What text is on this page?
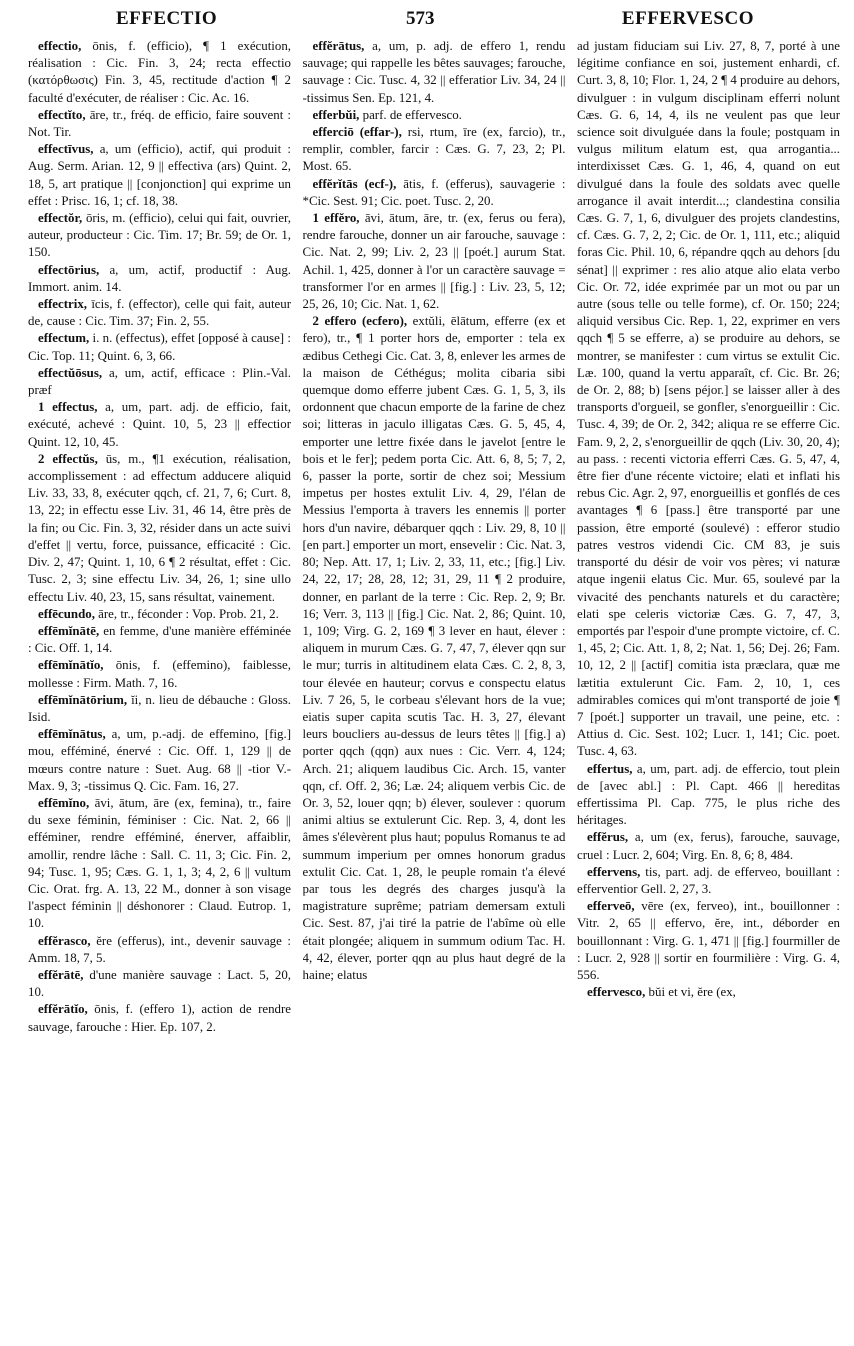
EFFECTIO	573	EFFERVESCO

effectio, ōnis, f. (efficio), ¶ 1 exécution, réalisation : Cic. Fin. 3, 24; recta effectio (κατόρθωσις) Fin. 3, 45, rectitude d'action ¶ 2 faculté d'exécuter, de réaliser : Cic. Ac. 16.

effectĭto, āre, tr., fréq. de efficio, faire souvent : Not. Tir.

effectīvus, a, um (efficio), actif, qui produit : Aug. Serm. Arian. 12, 9 || effectiva (ars) Quint. 2, 18, 5, art pratique || [conjonction] qui exprime un effet : Prisc. 16, 1; cf. 18, 38.

effectŏr, ōris, m. (efficio), celui qui fait, ouvrier, auteur, producteur : Cic. Tim. 17; Br. 59; de Or. 1, 150.

effectōrius, a, um, actif, productif : Aug. Immort. anim. 14.

effectrix, īcis, f. (effector), celle qui fait, auteur de, cause : Cic. Tim. 37; Fin. 2, 55.

effectum, i. n. (effectus), effet [opposé à cause] : Cic. Top. 11; Quint. 6, 3, 66.

effectŭōsus, a, um, actif, efficace : Plin.-Val. præf

1 effectus, a, um, part. adj. de efficio, fait, exécuté, achevé : Quint. 10, 5, 23 || effectior Quint. 12, 10, 45.

2 effectŭs, ūs, m., ¶1 exécution, réalisation, accomplissement : ad effectum adducere aliquid Liv. 33, 33, 8, exécuter qqch, cf. 21, 7, 6; Curt. 8, 13, 22; in effectu esse Liv. 31, 46 14, être près de la fin; ou Cic. Fin. 3, 32, résider dans un acte suivi d'effet || vertu, force, puissance, efficacité : Cic. Div. 2, 47; Quint. 1, 10, 6 ¶ 2 résultat, effet : Cic. Tusc. 2, 3; sine effectu Liv. 34, 26, 1; sine ullo effectu Liv. 40, 23, 15, sans résultat, vainement.

effēcundo, āre, tr., féconder : Vop. Prob. 21, 2.

effēmĭnātē, en femme, d'une manière efféminée : Cic. Off. 1, 14.

effēmĭnātĭo, ōnis, f. (effemino), faiblesse, mollesse : Firm. Math. 7, 16.

effēmĭnātōrium, ĭi, n. lieu de débauche : Gloss. Isid.

effēmĭnātus, a, um, p.-adj. de effemino, [fig.] mou, efféminé, énervé : Cic. Off. 1, 129 || de mœurs contre nature : Suet. Aug. 68 || -tior V.-Max. 9, 3; -tissimus Q. Cic. Fam. 16, 27.

effēmĭno, āvi, ātum, āre (ex, femina), tr., faire du sexe féminin, féminiser : Cic. Nat. 2, 66 || efféminer, rendre efféminé, énerver, affaiblir, amollir, rendre lâche : Sall. C. 11, 3; Cic. Fin. 2, 94; Tusc. 1, 95; Cæs. G. 1, 1, 3; 4, 2, 6 || vultum Cic. Orat. frg. A. 13, 22 M., donner à son visage l'aspect féminin || déshonorer : Claud. Eutrop. 1, 10.

effĕrasco, ĕre (efferus), int., devenir sauvage : Amm. 18, 7, 5.

effĕrātē, d'une manière sauvage : Lact. 5, 20, 10.

effĕrātĭo, ōnis, f. (effero 1), action de rendre sauvage, farouche : Hier. Ep. 107, 2.

effĕrātus, a, um, p. adj. de effero 1, rendu sauvage; qui rappelle les bêtes sauvages; farouche, sauvage : Cic. Tusc. 4, 32 || efferatior Liv. 34, 24 || -tissimus Sen. Ep. 121, 4.

efferbŭi, parf. de effervesco.

efferciō (effar-), rsi, rtum, īre (ex, farcio), tr., remplir, combler, farcir : Cæs. G. 7, 23, 2; Pl. Most. 65.

effĕrĭtās (ecf-), ātis, f. (efferus), sauvagerie : *Cic. Sest. 91; Cic. poet. Tusc. 2, 20.

1 effĕro, āvi, ātum, āre, tr. (ex, ferus ou fera), rendre farouche, donner un air farouche, sauvage : Cic. Nat. 2, 99; Liv. 2, 23 || [poét.] aurum Stat. Achil. 1, 425, donner à l'or un caractère sauvage = transformer l'or en armes || [fig.] : Liv. 23, 5, 12; 25, 26, 10; Cic. Nat. 1, 62.

2 effero (ecfero), extŭli, ēlātum, efferre (ex et fero), tr., ¶ 1 porter hors de, emporter : tela ex ædibus Cethegi Cic. Cat. 3, 8, enlever les armes de la maison de Céthégus; molita cibaria sibi quemque domo efferre jubent Cæs. G. 1, 5, 3, ils ordonnent que chacun emporte de la farine de chez soi; litteras in jaculo illigatas Cæs. G. 5, 45, 4, emporter une lettre fixée dans le javelot [entre le bois et le fer]; pedem porta Cic. Att. 6, 8, 5; 7, 2, 6, passer la porte, sortir de chez soi; Messium impetus per hostes extulit Liv. 4, 29, l'élan de Messius l'emporta à travers les ennemis || porter hors d'un navire, débarquer qqch : Liv. 29, 8, 10 || [en part.] emporter un mort, ensevelir : Cic. Nat. 3, 80; Nep. Att. 17, 1; Liv. 2, 33, 11, etc.; [fig.] Liv. 24, 22, 17; 28, 28, 12; 31, 29, 11 ¶ 2 produire, donner, en parlant de la terre : Cic. Rep. 2, 9; Br. 16; Verr. 3, 113 || [fig.] Cic. Nat. 2, 86; Quint. 10, 1, 109; Virg. G. 2, 169 ¶ 3 lever en haut, élever : aliquem in murum Cæs. G. 7, 47, 7, élever qqn sur le mur; turris in altitudinem elata Cæs. C. 2, 8, 3, tour élevée en hauteur; corvus e conspectu elatus Liv. 7 26, 5, le corbeau s'élevant hors de la vue; eiatis super capita scutis Tac. H. 3, 27, élevant leurs boucliers au-dessus de leurs têtes || [fig.] a) porter qqch (qqn) aux nues : Cic. Verr. 4, 124; Arch. 21; aliquem laudibus Cic. Arch. 15, vanter qqn, cf. Off. 2, 36; Læ. 24; aliquem verbis Cic. de Or. 3, 52, louer qqn; b) élever, soulever : quorum animi altius se extulerunt Cic. Rep. 3, 4, dont les âmes s'élevèrent plus haut; populus Romanus te ad summum imperium per omnes honorum gradus extulit Cic. Cat. 1, 28, le peuple romain t'a élevé par tous les degrés des charges jusqu'à la magistrature suprême; patriam demersam extuli Cic. Sest. 87, j'ai tiré la patrie de l'abîme où elle était plongée; aliquem in summum odium Tac. H. 4, 42, élever, porter qqn au plus haut degré de la haine; elatus

ad justam fiduciam sui Liv. 27, 8, 7, porté à une légitime confiance en soi, justement enhardi, cf. Curt. 3, 8, 10; Flor. 1, 24, 2 ¶ 4 produire au dehors, divulguer : in vulgum disciplinam efferri nolunt Cæs. G. 6, 14, 4, ils ne veulent pas que leur science soit divulguée dans la foule; postquam in vulgus militum elatum est, qua arrogantia... interdixisset Cæs. G. 1, 46, 4, quand on eut divulgué dans la foule des soldats avec quelle arrogance il avait interdit...; clandestina consilia Cæs. G. 7, 1, 6, divulguer des projets clandestins, cf. Cæs. G. 7, 2, 2; Cic. de Or. 1, 111, etc.; aliquid foras Cic. Phil. 10, 6, répandre qqch au dehors [du sénat] || exprimer : res alio atque alio elata verbo Cic. Or. 72, idée exprimée par un mot ou par un autre (sous telle ou telle forme), cf. Or. 150; 224; aliquid versibus Cic. Rep. 1, 22, exprimer en vers qqch ¶ 5 se efferre, a) se produire au dehors, se montrer, se manifester : cum virtus se extulit Cic. Læ. 100, quand la vertu apparaît, cf. Cic. Br. 26; de Or. 2, 88; b) [sens péjor.] se laisser aller à des transports d'orgueil, se gonfler, s'enorgueillir : Cic. Tusc. 4, 39; de Or. 2, 342; aliqua re se efferre Cic. Fam. 9, 2, 2, s'enorgueillir de qqch (Liv. 30, 20, 4); au pass. : recenti victoria efferri Cæs. G. 5, 47, 4, être fier d'une récente victoire; elati et inflati his rebus Cic. Agr. 2, 97, enorgueillis et gonflés de ces avantages ¶ 6 [pass.] être transporté par une passion, être emporté (soulevé) : efferor studio patres vestros videndi Cic. CM 83, je suis transporté du désir de voir vos pères; vi naturæ atque ingenii elatus Cic. Mur. 65, soulevé par la vivacité des penchants naturels et du caractère; elati spe celeris victoriæ Cæs. G. 7, 47, 3, emportés par l'espoir d'une prompte victoire, cf. C. 1, 45, 2; Cic. Att. 1, 8, 2; Nat. 1, 56; Dej. 26; Fam. 10, 12, 2 || [actif] comitia ista præclara, quæ me lætitia extulerunt Cic. Fam. 2, 10, 1, ces admirables comices qui m'ont transporté de joie ¶ 7 [poét.] supporter un travail, une peine, etc. : Attius d. Cic. Sest. 102; Lucr. 1, 141; Cic. poet. Tusc. 4, 63.

effertus, a, um, part. adj. de effercio, tout plein de [avec abl.] : Pl. Capt. 466 || hereditas effertissima Pl. Cap. 775, le plus riche des héritages.

effĕrus, a, um (ex, ferus), farouche, sauvage, cruel : Lucr. 2, 604; Virg. En. 8, 6; 8, 484.

effervens, tis, part. adj. de efferveo, bouillant : efferventior Gell. 2, 27, 3.

efferveō, vēre (ex, ferveo), int., bouillonner : Vitr. 2, 65 || effervo, ĕre, int., déborder en bouillonnant : Virg. G. 1, 471 || [fig.] fourmiller de : Lucr. 2, 928 || sortir en fourmilière : Virg. G. 4, 556.

effervesco, bŭi et vi, ĕre (ex,
